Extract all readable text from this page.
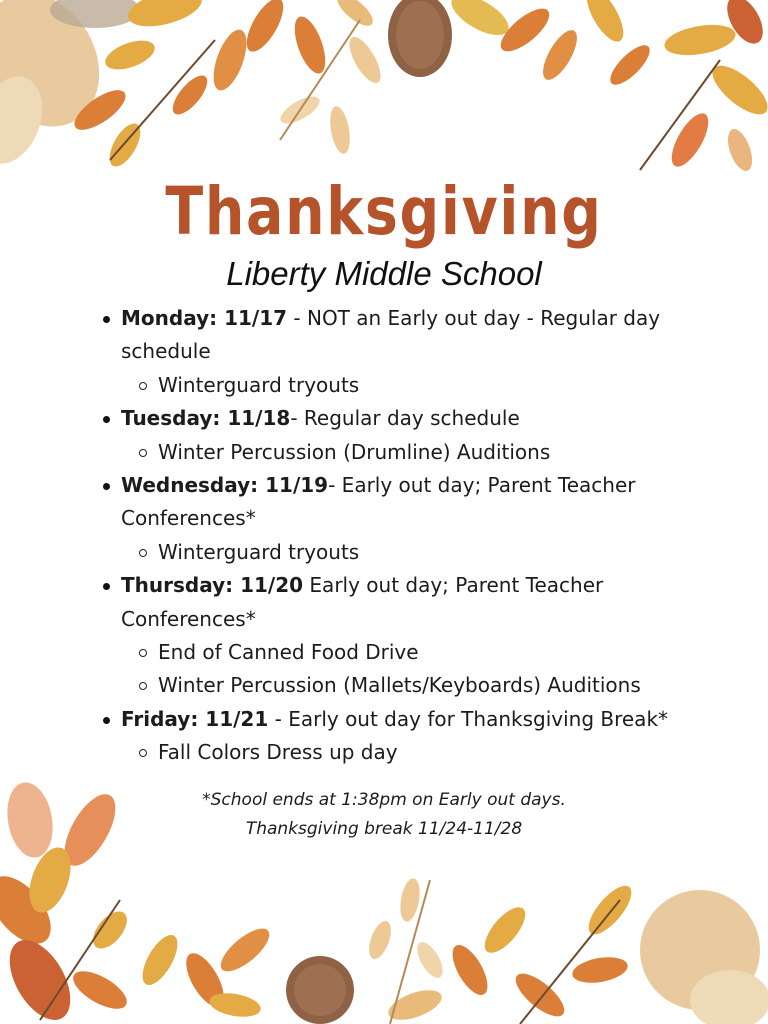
Thanksgiving

Liberty Middle School

Monday: 11/17 - NOT an Early out day - Regular day schedule
Winterguard tryouts
Tuesday: 11/18- Regular day schedule
Winter Percussion (Drumline) Auditions
Wednesday: 11/19- Early out day; Parent Teacher Conferences*
Winterguard tryouts
Thursday: 11/20 Early out day; Parent Teacher Conferences*
End of Canned Food Drive
Winter Percussion (Mallets/Keyboards) Auditions
Friday: 11/21 - Early out day for Thanksgiving Break*
Fall Colors Dress up day
*School ends at 1:38pm on Early out days.
Thanksgiving break 11/24-11/28
